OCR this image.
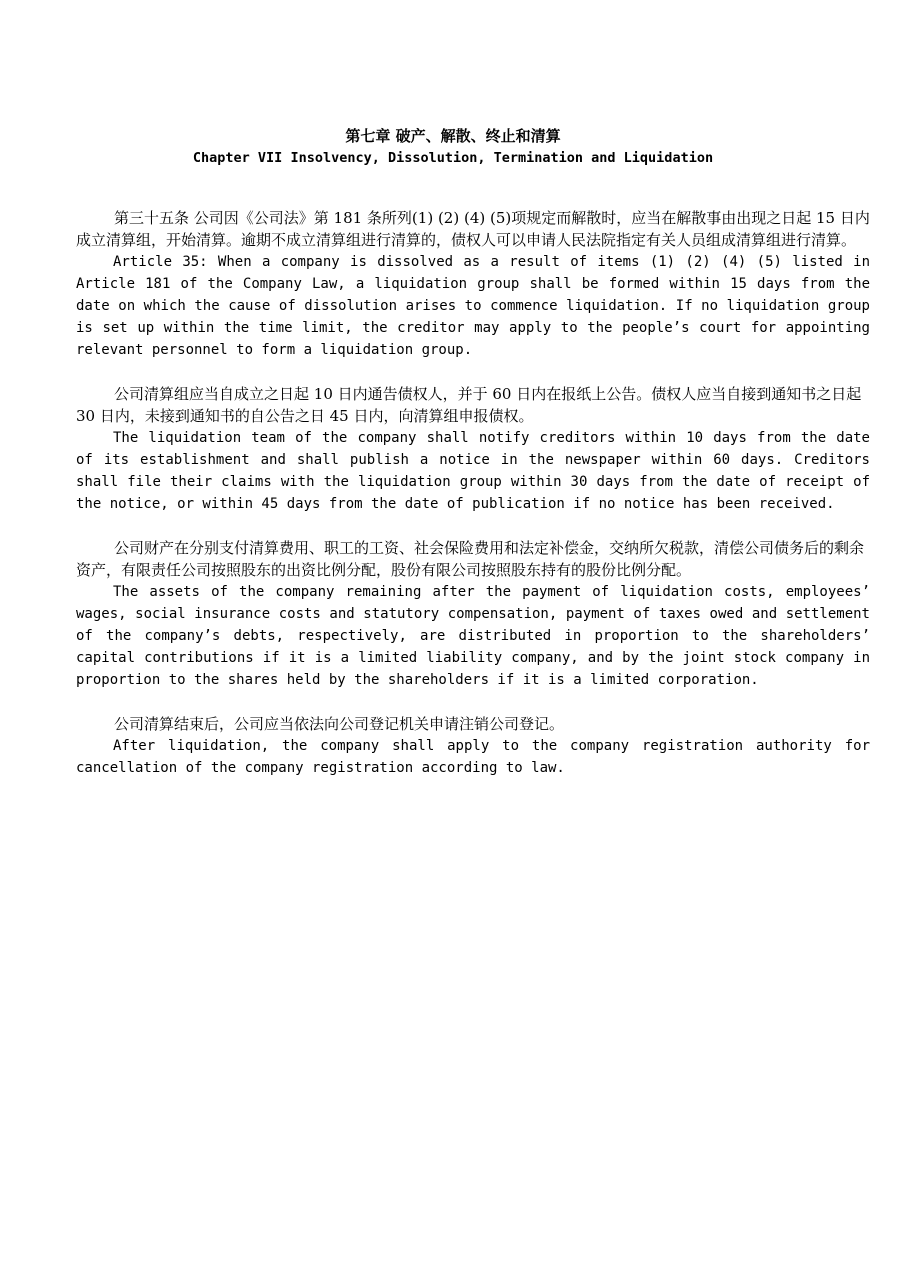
第七章 破产、解散、终止和清算
Chapter VII Insolvency, Dissolution, Termination and Liquidation

第三十五条 公司因《公司法》第 181 条所列(1) (2) (4) (5)项规定而解散时，应当在解散事由出现之日起 15 日内成立清算组，开始清算。逾期不成立清算组进行清算的，债权人可以申请人民法院指定有关人员组成清算组进行清算。

Article 35: When a company is dissolved as a result of items (1) (2) (4) (5) listed in Article 181 of the Company Law, a liquidation group shall be formed within 15 days from the date on which the cause of dissolution arises to commence liquidation. If no liquidation group is set up within the time limit, the creditor may apply to the people’s court for appointing relevant personnel to form a liquidation group.

公司清算组应当自成立之日起 10 日内通告债权人，并于 60 日内在报纸上公告。债权人应当自接到通知书之日起 30 日内，未接到通知书的自公告之日 45 日内，向清算组申报债权。

The liquidation team of the company shall notify creditors within 10 days from the date of its establishment and shall publish a notice in the newspaper within 60 days. Creditors shall file their claims with the liquidation group within 30 days from the date of receipt of the notice, or within 45 days from the date of publication if no notice has been received.

公司财产在分别支付清算费用、职工的工资、社会保险费用和法定补偿金，交纳所欠税款，清偿公司债务后的剩余资产，有限责任公司按照股东的出资比例分配，股份有限公司按照股东持有的股份比例分配。

The assets of the company remaining after the payment of liquidation costs, employees’ wages, social insurance costs and statutory compensation, payment of taxes owed and settlement of the company’s debts, respectively, are distributed in proportion to the shareholders’ capital contributions if it is a limited liability company, and by the joint stock company in proportion to the shares held by the shareholders if it is a limited corporation.

公司清算结束后，公司应当依法向公司登记机关申请注销公司登记。

After liquidation, the company shall apply to the company registration authority for cancellation of the company registration according to law.
